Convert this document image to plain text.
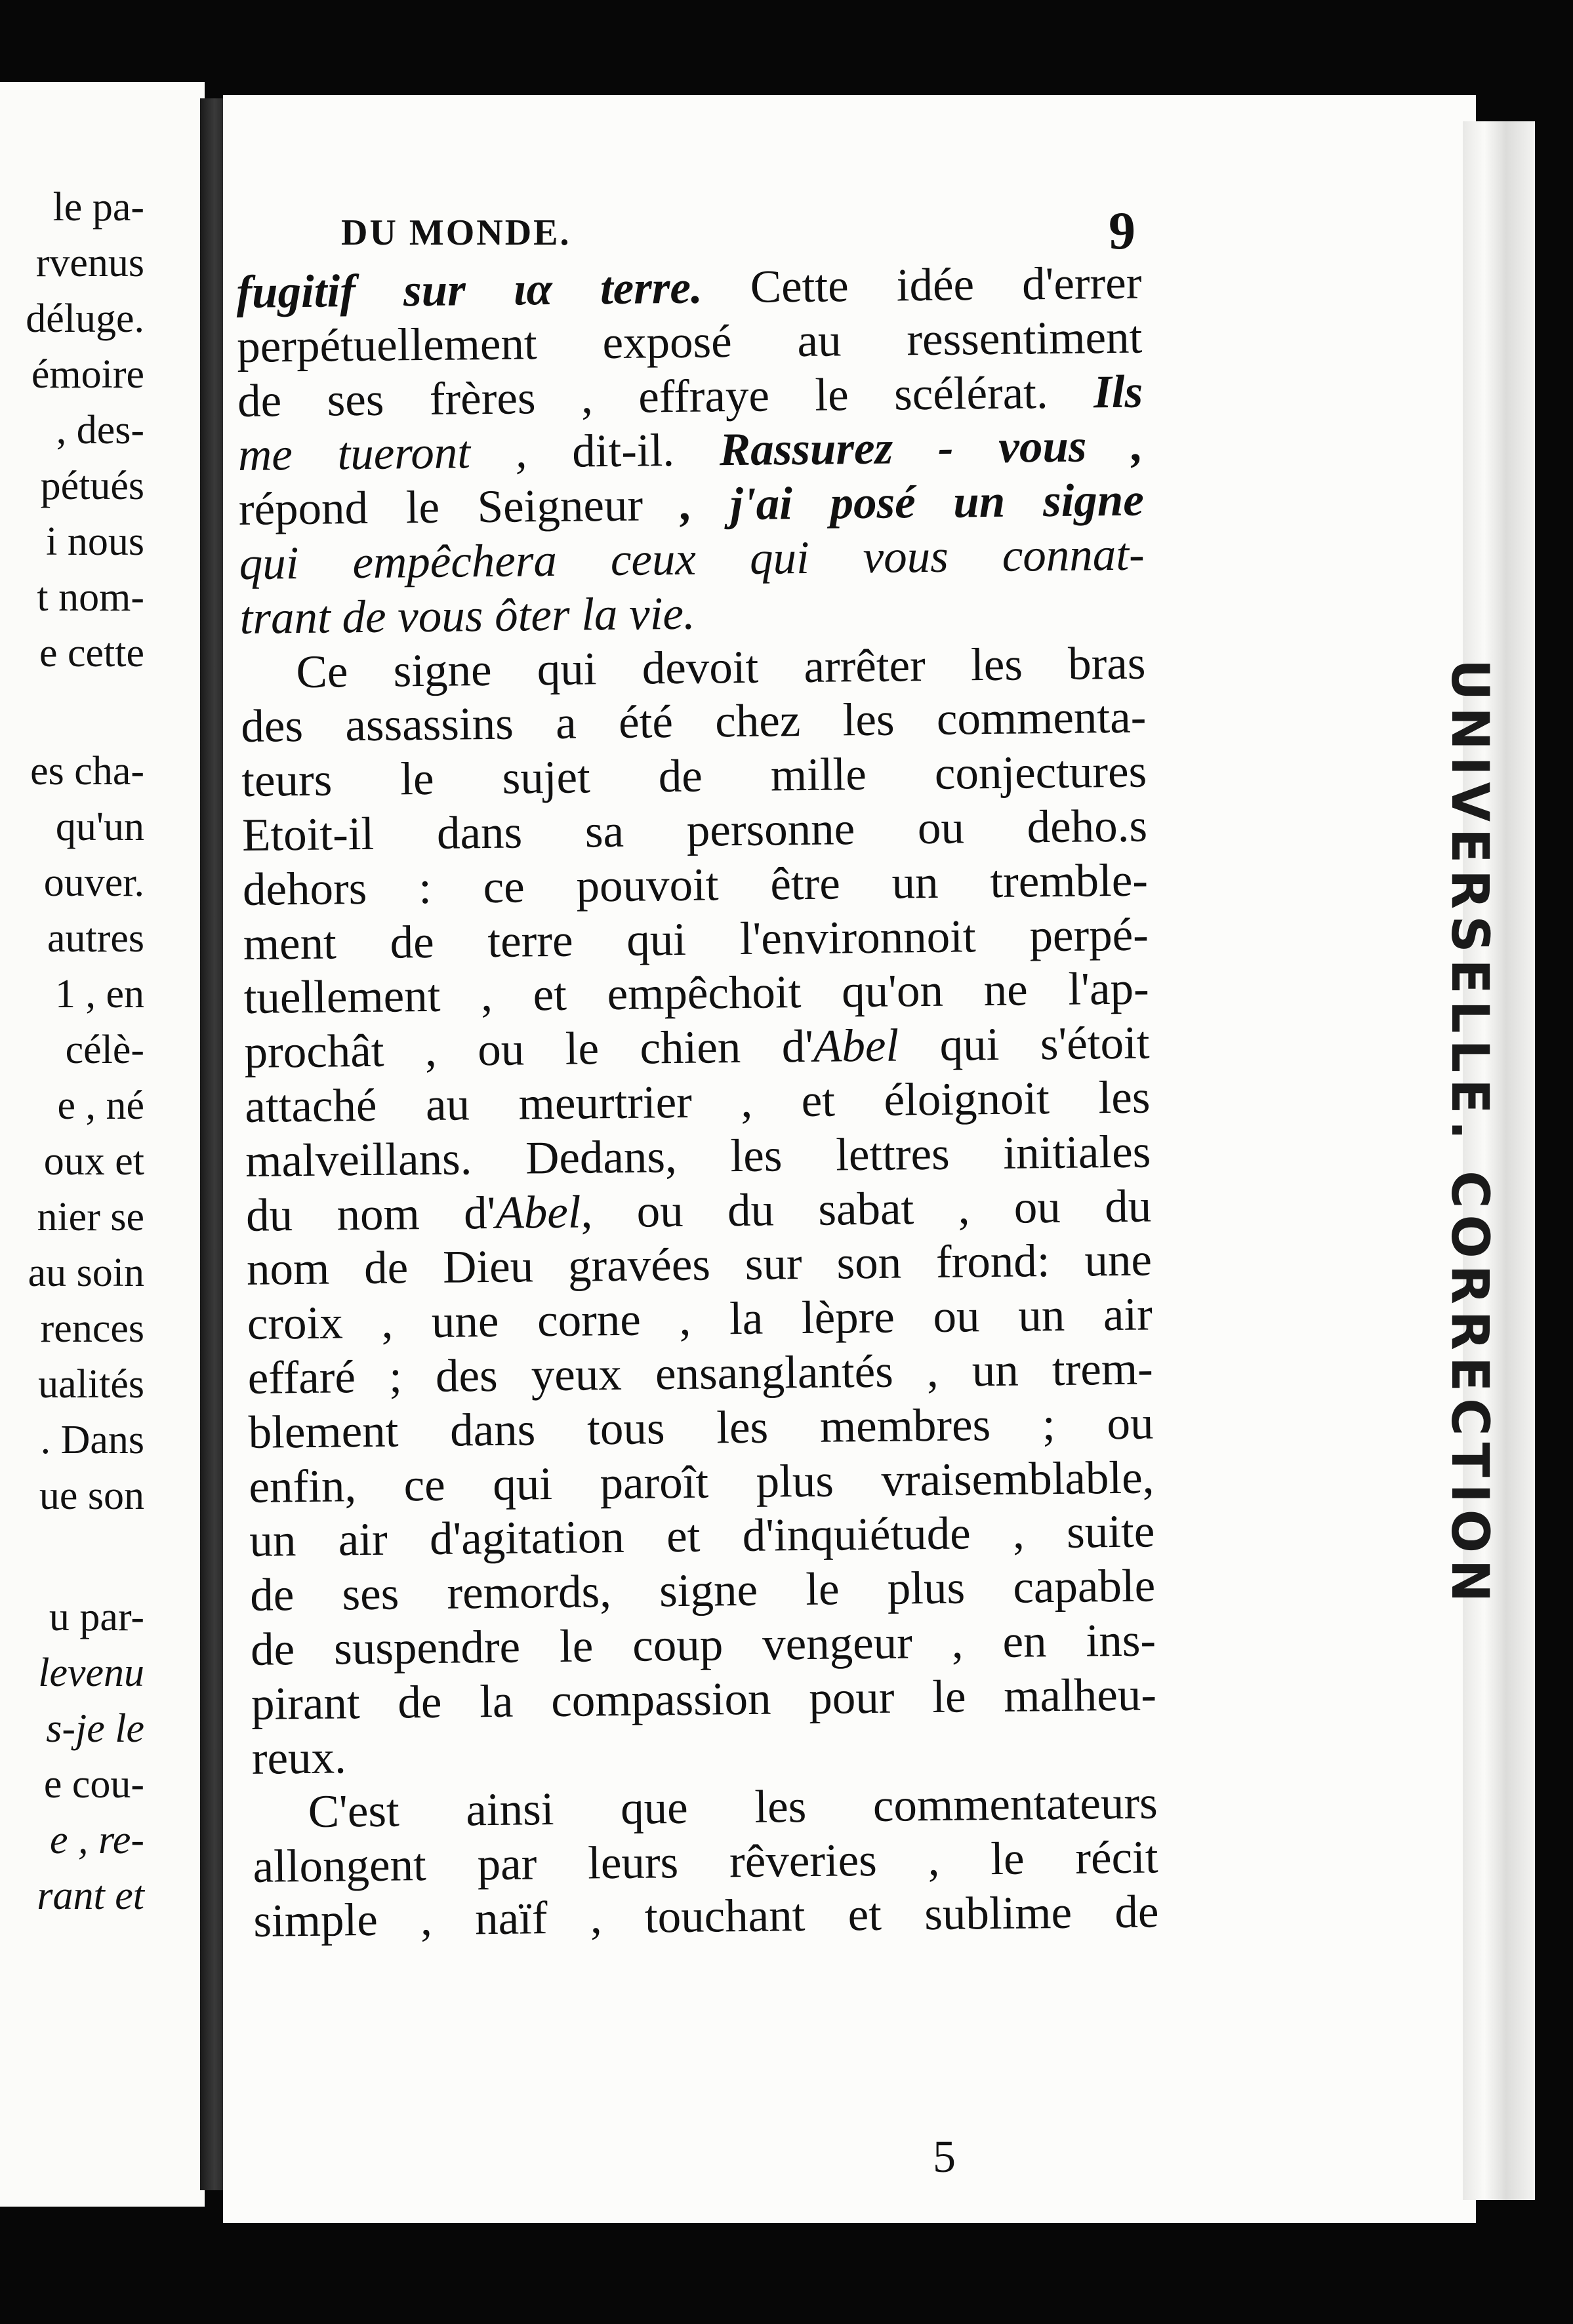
le pa-
rvenus
déluge.
émoire
, des-
pétués
i nous
t nom-
e cette
es cha-
qu'un
ouver.
autres
1 , en
célè-
e , né
oux et
nier se
au soin
rences
ualités
. Dans
ue son
u par-
levenu
s-je le
e cou-
e , re-
rant et
DU MONDE.	9
fugitif sur ια terre. Cette idée d'errer
perpétuellement exposé au ressentiment
de ses frères , effraye le scélérat. Ils
me tueront , dit-il. Rassurez - vous ,
répond le Seigneur , j'ai posé un signe
qui empêchera ceux qui vous connat-
trant de vous ôter la vie.
Ce signe qui devoit arrêter les bras
des assassins a été chez les commenta-
teurs le sujet de mille conjectures
Etoit-il dans sa personne ou deho.s
dehors : ce pouvoit être un tremble-
ment de terre qui l'environnoit perpé-
tuellement , et empêchoit qu'on ne l'ap-
prochât , ou le chien d'Abel qui s'étoit
attaché au meurtrier , et éloignoit les
malveillans. Dedans, les lettres initiales
du nom d'Abel, ou du sabat , ou du
nom de Dieu gravées sur son frond: une
croix , une corne , la lèpre ou un air
effaré ; des yeux ensanglantés , un trem-
blement dans tous les membres ; ou
enfin, ce qui paroît plus vraisemblable,
un air d'agitation et d'inquiétude , suite
de ses remords, signe le plus capable
de suspendre le coup vengeur , en ins-
pirant de la compassion pour le malheu-
reux.
C'est ainsi que les commentateurs
allongent par leurs rêveries , le récit
simple , naïf , touchant et sublime de
5
UNIVERSELLE. CORRECTION
